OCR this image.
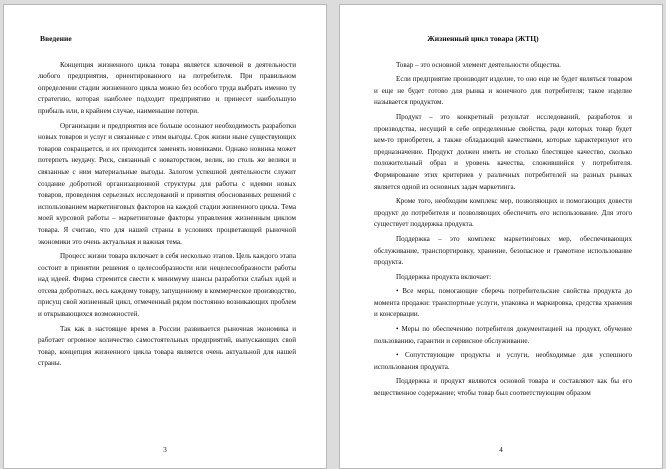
Введение

Концепция жизненного цикла товара является ключевой в деятельности любого предприятия, ориентированного на потребителя. При правильном определении стадии жизненного цикла можно без особого труда выбрать именно ту стратегию, которая наиболее подходит предприятию и принесет наибольшую прибыль или, в крайнем случае, наименьшие потери.

Организации и предприятия все больше осознают необходимость разработки новых товаров и услуг и связанные с этим выгоды. Срок жизни ныне существующих товаров сокращается, и их приходится заменять новинками. Однако новинка может потерпеть неудачу. Риск, связанный с новаторством, велик, но столь же велики и связанные с ним материальные выгоды. Залогом успешной деятельности служит создание добротной организационной структуры для работы с идеями новых товаров, проведения серьезных исследований и принятия обоснованных решений с использованием маркетинговых факторов на каждой стадии жизненного цикла. Тема моей курсовой работы – маркетинговые факторы управления жизненным циклом товара. Я считаю, что для нашей страны в условиях процветающей рыночной экономики это очень актуальная и важная тема.

Процесс жизни товара включает в себя несколько этапов. Цель каждого этапа состоит в принятии решения о целесообразности или нецелесообразности работы над идеей. Фирма стремится свести к минимуму шансы разработки слабых идей и отсева добротных, весь каждому товару, запущенному в коммерческое производство, присущ свой жизненный цикл, отмеченный рядом постоянно возникающих проблем и открывающихся возможностей.

Так как в настоящее время в России развивается рыночная экономика и работает огромное количество самостоятельных предприятий, выпускающих свой товар, концепция жизненного цикла товара является очень актуальной для нашей страны.

3
Жизненный цикл товара (ЖТЦ)

Товар – это основной элемент деятельности общества.

Если предприятие производит изделие, то оно еще не будет являться товаром и еще не будет готово для рынка и конечного для потребителя; такое изделие называется продуктом.

Продукт – это конкретный результат исследований, разработок и производства, несущий в себе определенные свойства, ради которых товар будет кем-то приобретен, а также обладающий качествами, которые характеризуют его предназначение. Продукт должен иметь не столько блестящее качество, сколько положительный образ и уровень качества, сложившийся у потребителя. Формирование этих критериев у различных потребителей на разных рынках является одной из основных задач маркетинга.

Кроме того, необходим комплекс мер, позволяющих и помогающих довести продукт до потребителя и позволяющих обеспечить его использование. Для этого существует поддержка продукта.

Поддержка – это комплекс маркетинговых мер, обеспечивающих обслуживание, транспортировку, хранение, безопасное и грамотное использование продукта.

Поддержка продукта включает:

• Все меры, помогающие сберечь потребительские свойства продукта до момента продажи: транспортные услуги, упаковка и маркировка, средства хранения и консервации.

• Меры по обеспечению потребителя документацией на продукт, обучение пользованию, гарантии и сервисное обслуживание.

• Сопутствующие продукты и услуги, необходимые для успешного использования продукта.

Поддержка и продукт являются основой товара и составляют как бы его вещественное содержание; чтобы товар был соответствующим образом

4
